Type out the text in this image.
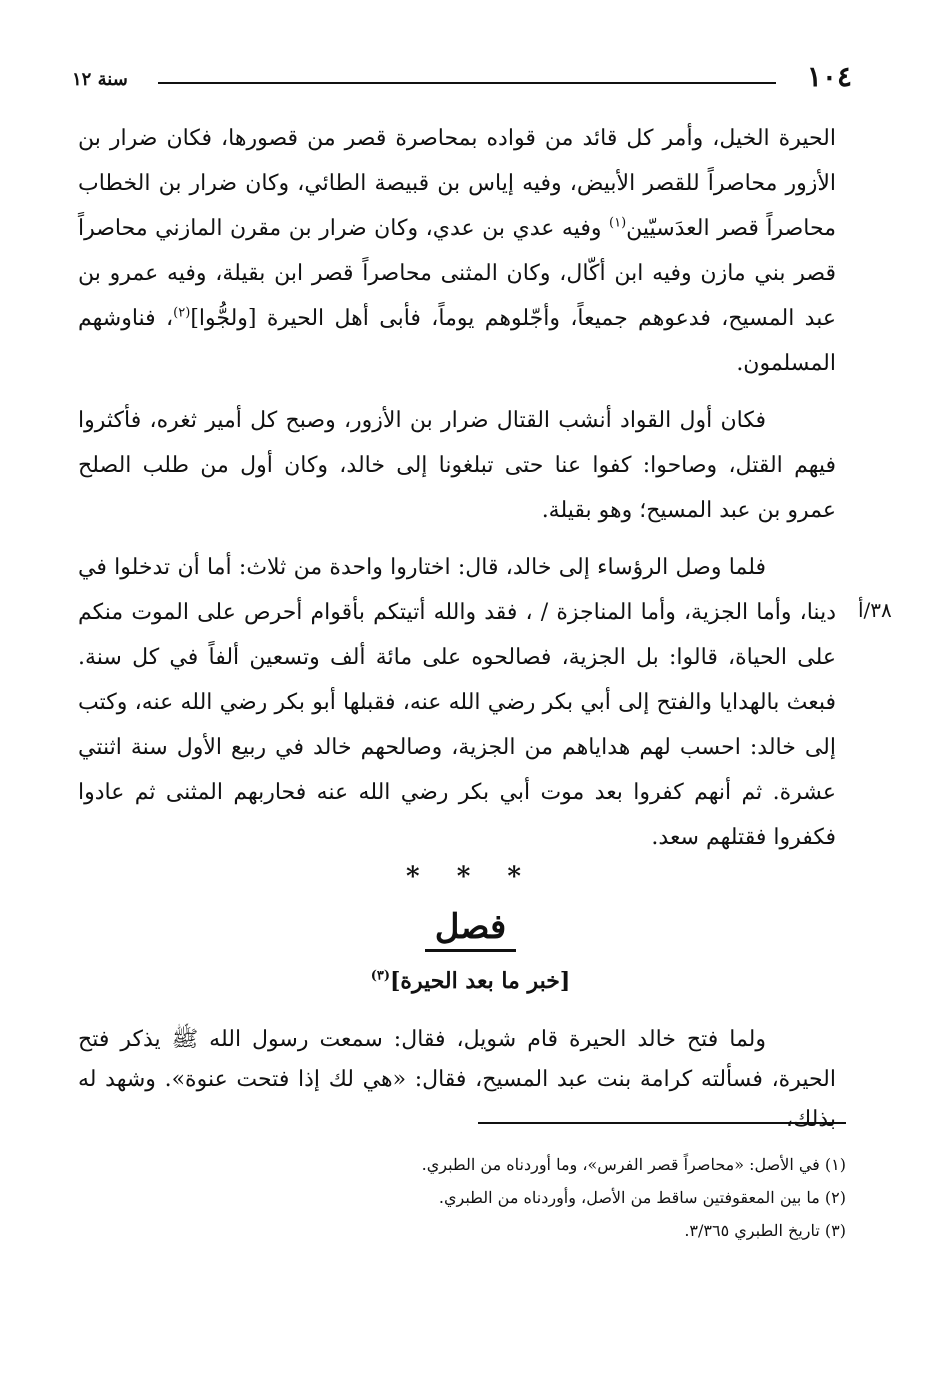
١٠٤
سنة ١٢

الحيرة الخيل، وأمر كل قائد من قواده بمحاصرة قصر من قصورها، فكان ضرار بن الأزور محاصراً للقصر الأبيض، وفيه إياس بن قبيصة الطائي، وكان ضرار بن الخطاب محاصراً قصر العدَسيّين$^{(١)}$ وفيه عدي بن عدي، وكان ضرار بن مقرن المازني محاصراً قصر بني مازن وفيه ابن أكّال، وكان المثنى محاصراً قصر ابن بقيلة، وفيه عمرو بن عبد المسيح، فدعوهم جميعاً، وأجّلوهم يوماً، فأبى أهل الحيرة [ولجُّوا]$^{(٢)}$، فناوشهم المسلمون.

فكان أول القواد أنشب القتال ضرار بن الأزور، وصبح كل أمير ثغره، فأكثروا فيهم القتل، وصاحوا: كفوا عنا حتى تبلغونا إلى خالد، وكان أول من طلب الصلح عمرو بن عبد المسيح؛ وهو بقيلة.

فلما وصل الرؤساء إلى خالد، قال: اختاروا واحدة من ثلاث: أما أن تدخلوا في دينا، وأما الجزية، وأما المناجزة / ، فقد والله أتيتكم بأقوام أحرص على الموت منكم على الحياة، قالوا: بل الجزية، فصالحوه على مائة ألف وتسعين ألفاً في كل سنة. فبعث بالهدايا والفتح إلى أبي بكر رضي الله عنه، فقبلها أبو بكر رضي الله عنه، وكتب إلى خالد: احسب لهم هداياهم من الجزية، وصالحهم خالد في ربيع الأول سنة اثنتي عشرة. ثم أنهم كفروا بعد موت أبي بكر رضي الله عنه فحاربهم المثنى ثم عادوا فكفروا فقتلهم سعد.

٣٨/أ
* * *
فصل
[خبر ما بعد الحيرة]$^{(٣)}$

ولما فتح خالد الحيرة قام شويل، فقال: سمعت رسول الله ﷺ يذكر فتح الحيرة، فسألته كرامة بنت عبد المسيح، فقال: «هي لك إذا فتحت عنوة». وشهد له بذلك،

(١) في الأصل: «محاصراً قصر الفرس»، وما أوردناه من الطبري.
(٢) ما بين المعقوفتين ساقط من الأصل، وأوردناه من الطبري.
(٣) تاريخ الطبري ٣/٣٦٥.
